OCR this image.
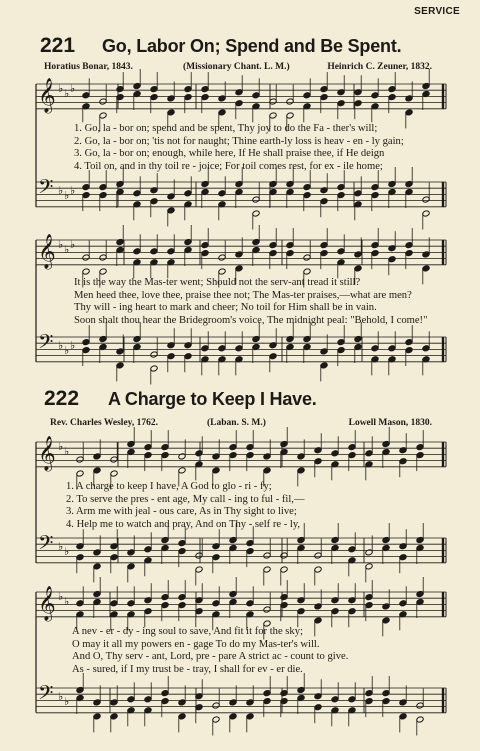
SERVICE
221 Go, Labor On; Spend and Be Spent.
Horatius Bonar, 1843.	(Missionary Chant. L. M.)	Heinrich C. Zeuner, 1832.
222 A Charge to Keep I Have.
Rev. Charles Wesley, 1762.	(Laban. S. M.)	Lowell Mason, 1830.
𝄞 ♭ ♭ ♭
𝄢 ♭ ♭ ♭
𝄞 ♭ ♭ ♭
𝄢 ♭ ♭ ♭
𝄞 ♭ ♭
𝄢 ♭ ♭
𝄞 ♭ ♭
𝄢 ♭ ♭
1. Go, la - bor on; spend and be spent, Thy joy to do the Fa - ther's will;
2. Go, la - bor on; 'tis not for naught; Thine earth-ly loss is heav - en - ly gain;
3. Go, la - bor on; enough, while here, If He shall praise thee, if He deign
4. Toil on, and in thy toil re - joice; For toil comes rest, for ex - ile home;
It is the way the Mas-ter went; Should not the serv-ant tread it still?
Men heed thee, love thee, praise thee not; The Mas-ter praises,—what are men?
Thy will - ing heart to mark and cheer; No toil for Him shall be in vain.
Soon shalt thou hear the Bridegroom's voice, The midnight peal: "Behold, I come!"
1. A charge to keep I have, A God to glo - ri - fy;
2. To serve the pres - ent age, My call - ing to ful - fil,—
3. Arm me with jeal - ous care, As in Thy sight to live;
4. Help me to watch and pray, And on Thy - self re - ly,
A nev - er - dy - ing soul to save, And fit it for the sky;
O may it all my powers en - gage To do my Mas-ter's will.
And O, Thy serv - ant, Lord, pre - pare A strict ac - count to give.
As - sured, if I my trust be - tray, I shall for ev - er die.
